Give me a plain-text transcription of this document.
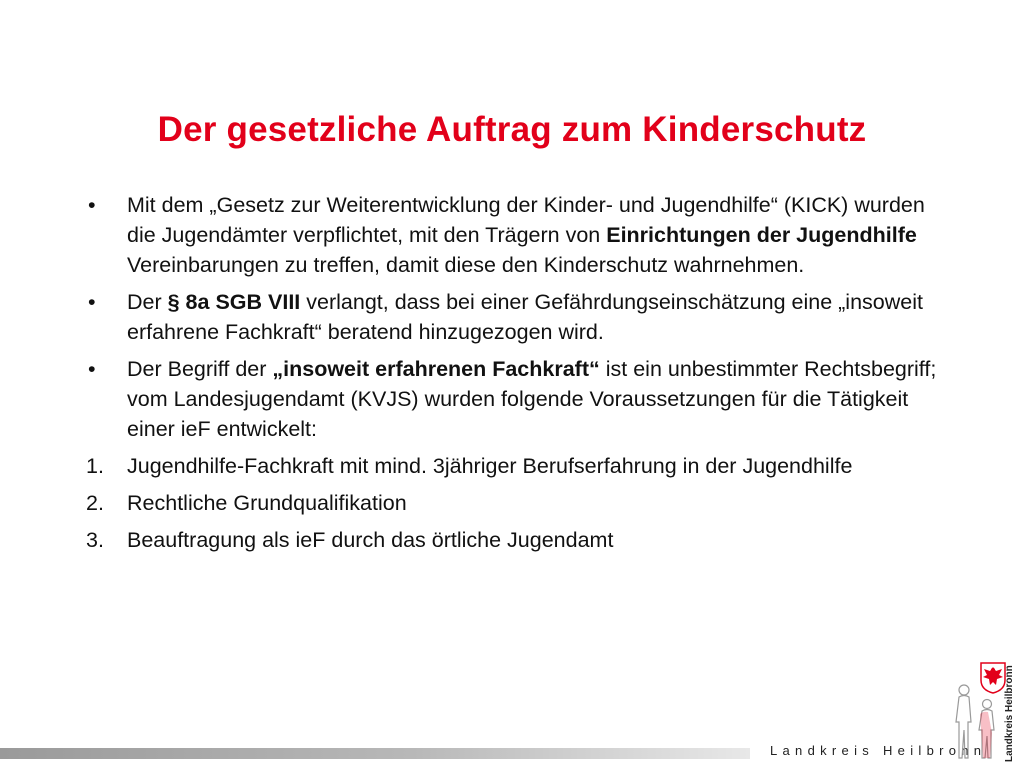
Der gesetzliche Auftrag zum Kinderschutz
• Mit dem „Gesetz zur Weiterentwicklung der Kinder- und Jugendhilfe“ (KICK) wurden die Jugendämter verpflichtet, mit den Trägern von Einrichtungen der Jugendhilfe Vereinbarungen zu treffen, damit diese den Kinderschutz wahrnehmen.
• Der § 8a SGB VIII verlangt, dass bei einer Gefährdungseinschätzung eine „insoweit erfahrene Fachkraft“ beratend hinzugezogen wird.
• Der Begriff der „insoweit erfahrenen Fachkraft“ ist ein unbestimmter Rechtsbegriff; vom Landesjugendamt (KVJS) wurden folgende Voraussetzungen für die Tätigkeit einer ieF entwickelt:
1. Jugendhilfe-Fachkraft mit mind. 3jähriger Berufserfahrung in der Jugendhilfe
2. Rechtliche Grundqualifikation
3. Beauftragung als ieF durch das örtliche Jugendamt
Landkreis Heilbronn Landkreis Heilbronn
